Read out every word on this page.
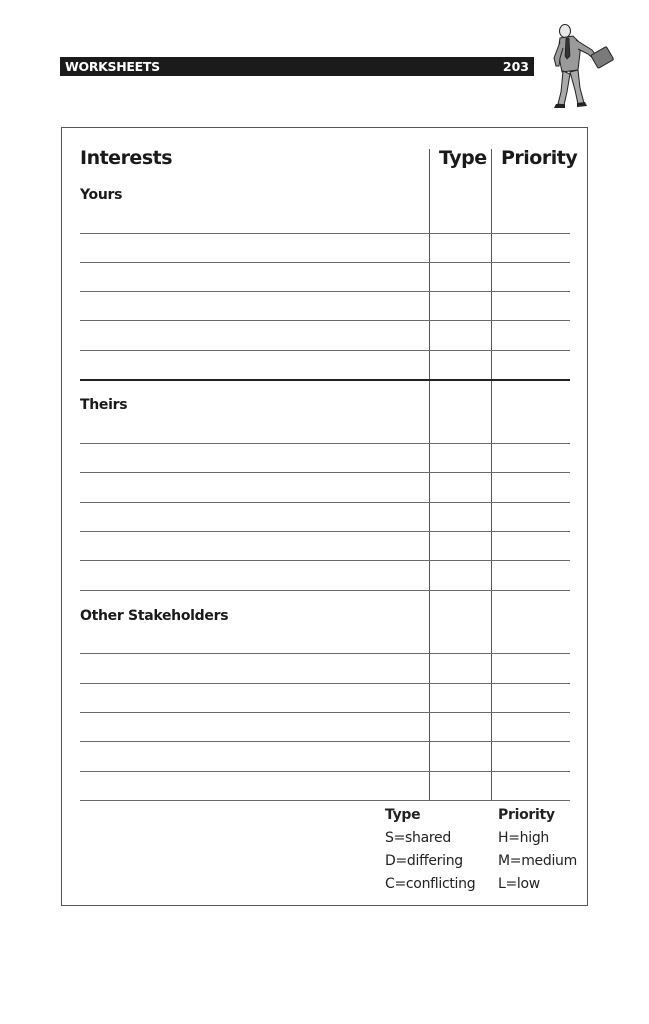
WORKSHEETS	203
Interests	Type Priority
Yours
Theirs
Other Stakeholders
Type
S=shared
D=differing
C=conflicting
Priority
H=high
M=medium
L=low
